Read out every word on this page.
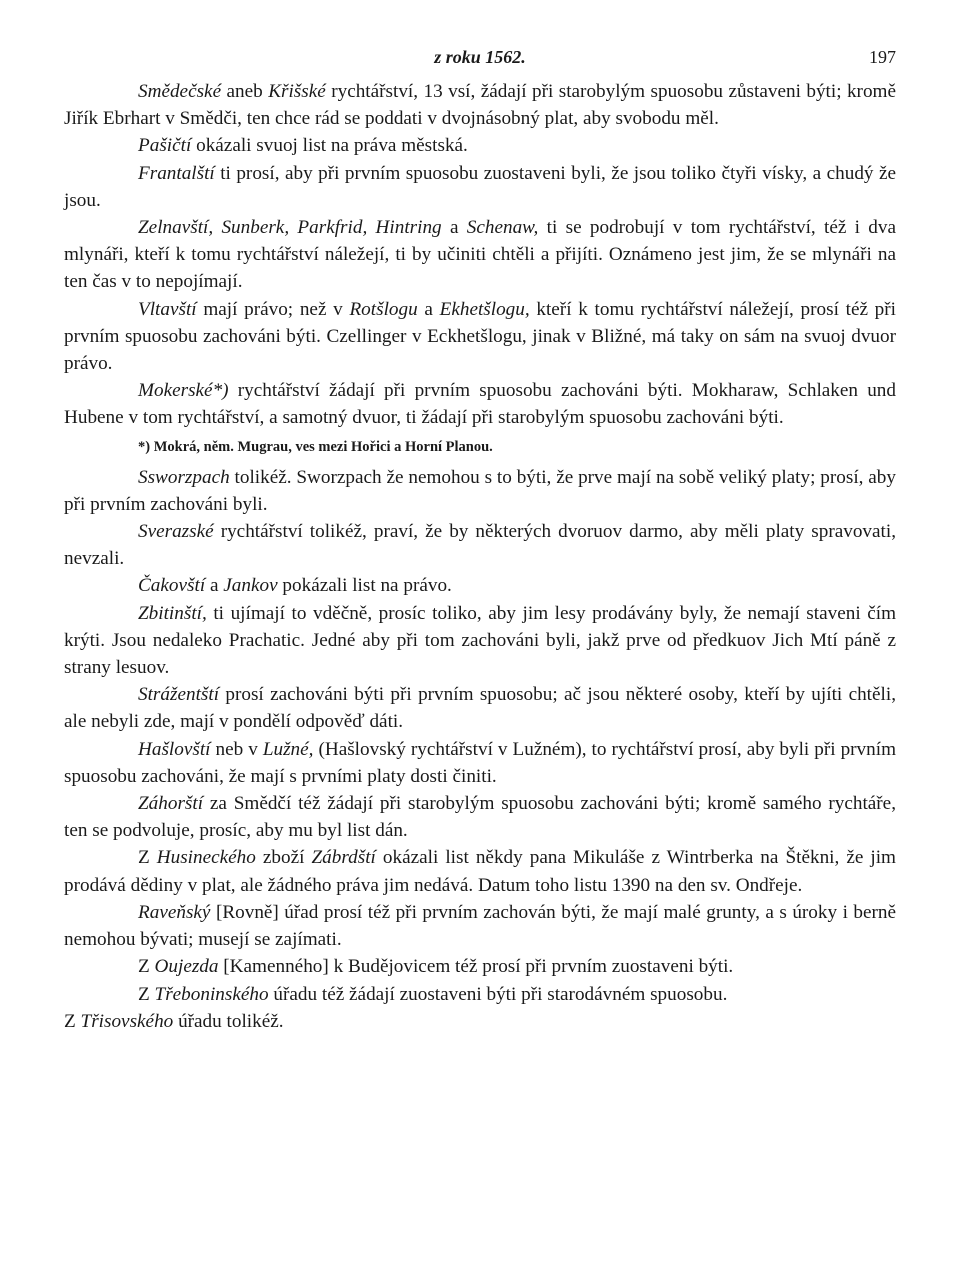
z roku 1562.	197

Smědečské aneb Křišské rychtářství, 13 vsí, žádají při starobylým spuosobu zůstaveni býti; kromě Jiřík Ebrhart v Smědči, ten chce rád se poddati v dvojnásobný plat, aby svobodu měl.

Pašičtí okázali svuoj list na práva městská.

Frantalští ti prosí, aby při prvním spuosobu zuostaveni byli, že jsou toliko čtyři vísky, a chudý že jsou.

Zelnavští, Sunberk, Parkfrid, Hintring a Schenaw, ti se podrobují v tom rychtářství, též i dva mlynáři, kteří k tomu rychtářství náležejí, ti by učiniti chtěli a přijíti. Oznámeno jest jim, že se mlynáři na ten čas v to nepojímají.

Vltavští mají právo; než v Rotšlogu a Ekhetšlogu, kteří k tomu rychtářství náležejí, prosí též při prvním spuosobu zachováni býti. Czellinger v Eckhetšlogu, jinak v Bližné, má taky on sám na svuoj dvuor právo.

Mokerské*) rychtářství žádají při prvním spuosobu zachováni býti. Mokharaw, Schlaken und Hubene v tom rychtářství, a samotný dvuor, ti žádají při starobylým spuosobu zachováni býti.

*) Mokrá, něm. Mugrau, ves mezi Hořici a Horní Planou.

Ssworzpach tolikéž. Sworzpach že nemohou s to býti, že prve mají na sobě veliký platy; prosí, aby při prvním zachováni byli.

Sverazské rychtářství tolikéž, praví, že by některých dvoruov darmo, aby měli platy spravovati, nevzali.

Čakovští a Jankov pokázali list na právo.

Zbitinští, ti ujímají to vděčně, prosíc toliko, aby jim lesy prodávány byly, že nemají staveni čím krýti. Jsou nedaleko Prachatic. Jedné aby při tom zachováni byli, jakž prve od předkuov Jich Mtí páně z strany lesuov.

Strážentští prosí zachováni býti při prvním spuosobu; ač jsou některé osoby, kteří by ujíti chtěli, ale nebyli zde, mají v pondělí odpověď dáti.

Hašlovští neb v Lužné, (Hašlovský rychtářství v Lužném), to rychtářství prosí, aby byli při prvním spuosobu zachováni, že mají s prvními platy dosti činiti.

Záhorští za Smědčí též žádají při starobylým spuosobu zachováni býti; kromě samého rychtáře, ten se podvoluje, prosíc, aby mu byl list dán.

Z Husineckého zboží Zábrdští okázali list někdy pana Mikuláše z Wintrberka na Štěkni, že jim prodává dědiny v plat, ale žádného práva jim nedává. Datum toho listu 1390 na den sv. Ondřeje.

Raveňský [Rovně] úřad prosí též při prvním zachován býti, že mají malé grunty, a s úroky i berně nemohou bývati; musejí se zajímati.

Z Oujezda [Kamenného] k Budějovicem též prosí při prvním zuostaveni býti.

Z Třeboninského úřadu též žádají zuostaveni býti při starodávném spuosobu.

Z Třisovského úřadu tolikéž.
